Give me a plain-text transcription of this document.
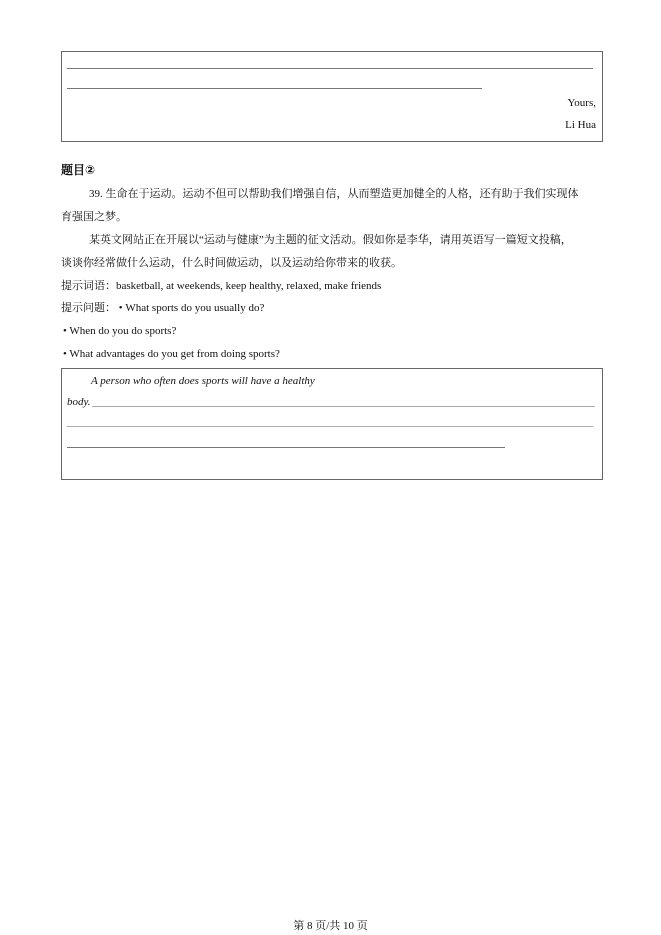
Yours,
Li Hua
题目②
39. 生命在于运动。运动不但可以帮助我们增强自信，从而塑造更加健全的人格，还有助于我们实现体
育强国之梦。
某英文网站正在开展以“运动与健康”为主题的征文活动。假如你是李华，请用英语写一篇短文投稿，
谈谈你经常做什么运动，什么时间做运动，以及运动给你带来的收获。
提示词语：basketball, at weekends, keep healthy, relaxed, make friends
提示问题： • What sports do you usually do?
• When do you do sports?
• What advantages do you get from doing sports?
A person who often does sports will have a healthy
body.
第 8 页/共 10 页
